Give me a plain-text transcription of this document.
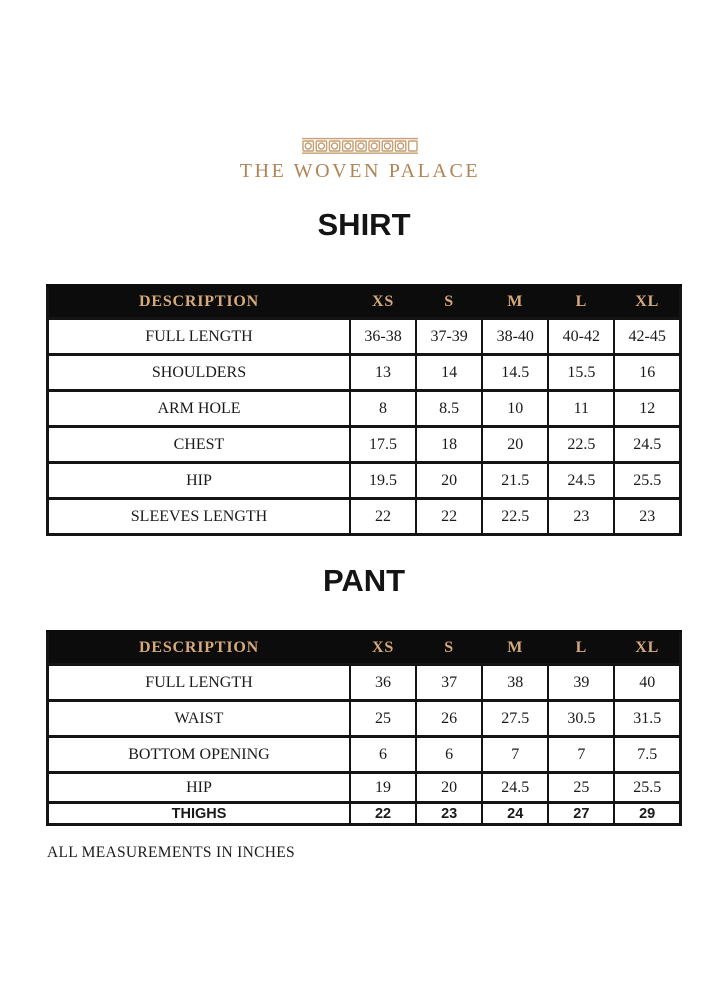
THE WOVEN PALACE
SHIRT
DESCRIPTION	XS	S	M	L	XL
FULL LENGTH	36-38	37-39	38-40	40-42	42-45
SHOULDERS	13	14	14.5	15.5	16
ARM HOLE	8	8.5	10	11	12
CHEST	17.5	18	20	22.5	24.5
HIP	19.5	20	21.5	24.5	25.5
SLEEVES LENGTH	22	22	22.5	23	23
PANT
DESCRIPTION	XS	S	M	L	XL
FULL LENGTH	36	37	38	39	40
WAIST	25	26	27.5	30.5	31.5
BOTTOM OPENING	6	6	7	7	7.5
HIP	19	20	24.5	25	25.5
THIGHS	22	23	24	27	29
ALL MEASUREMENTS IN INCHES
